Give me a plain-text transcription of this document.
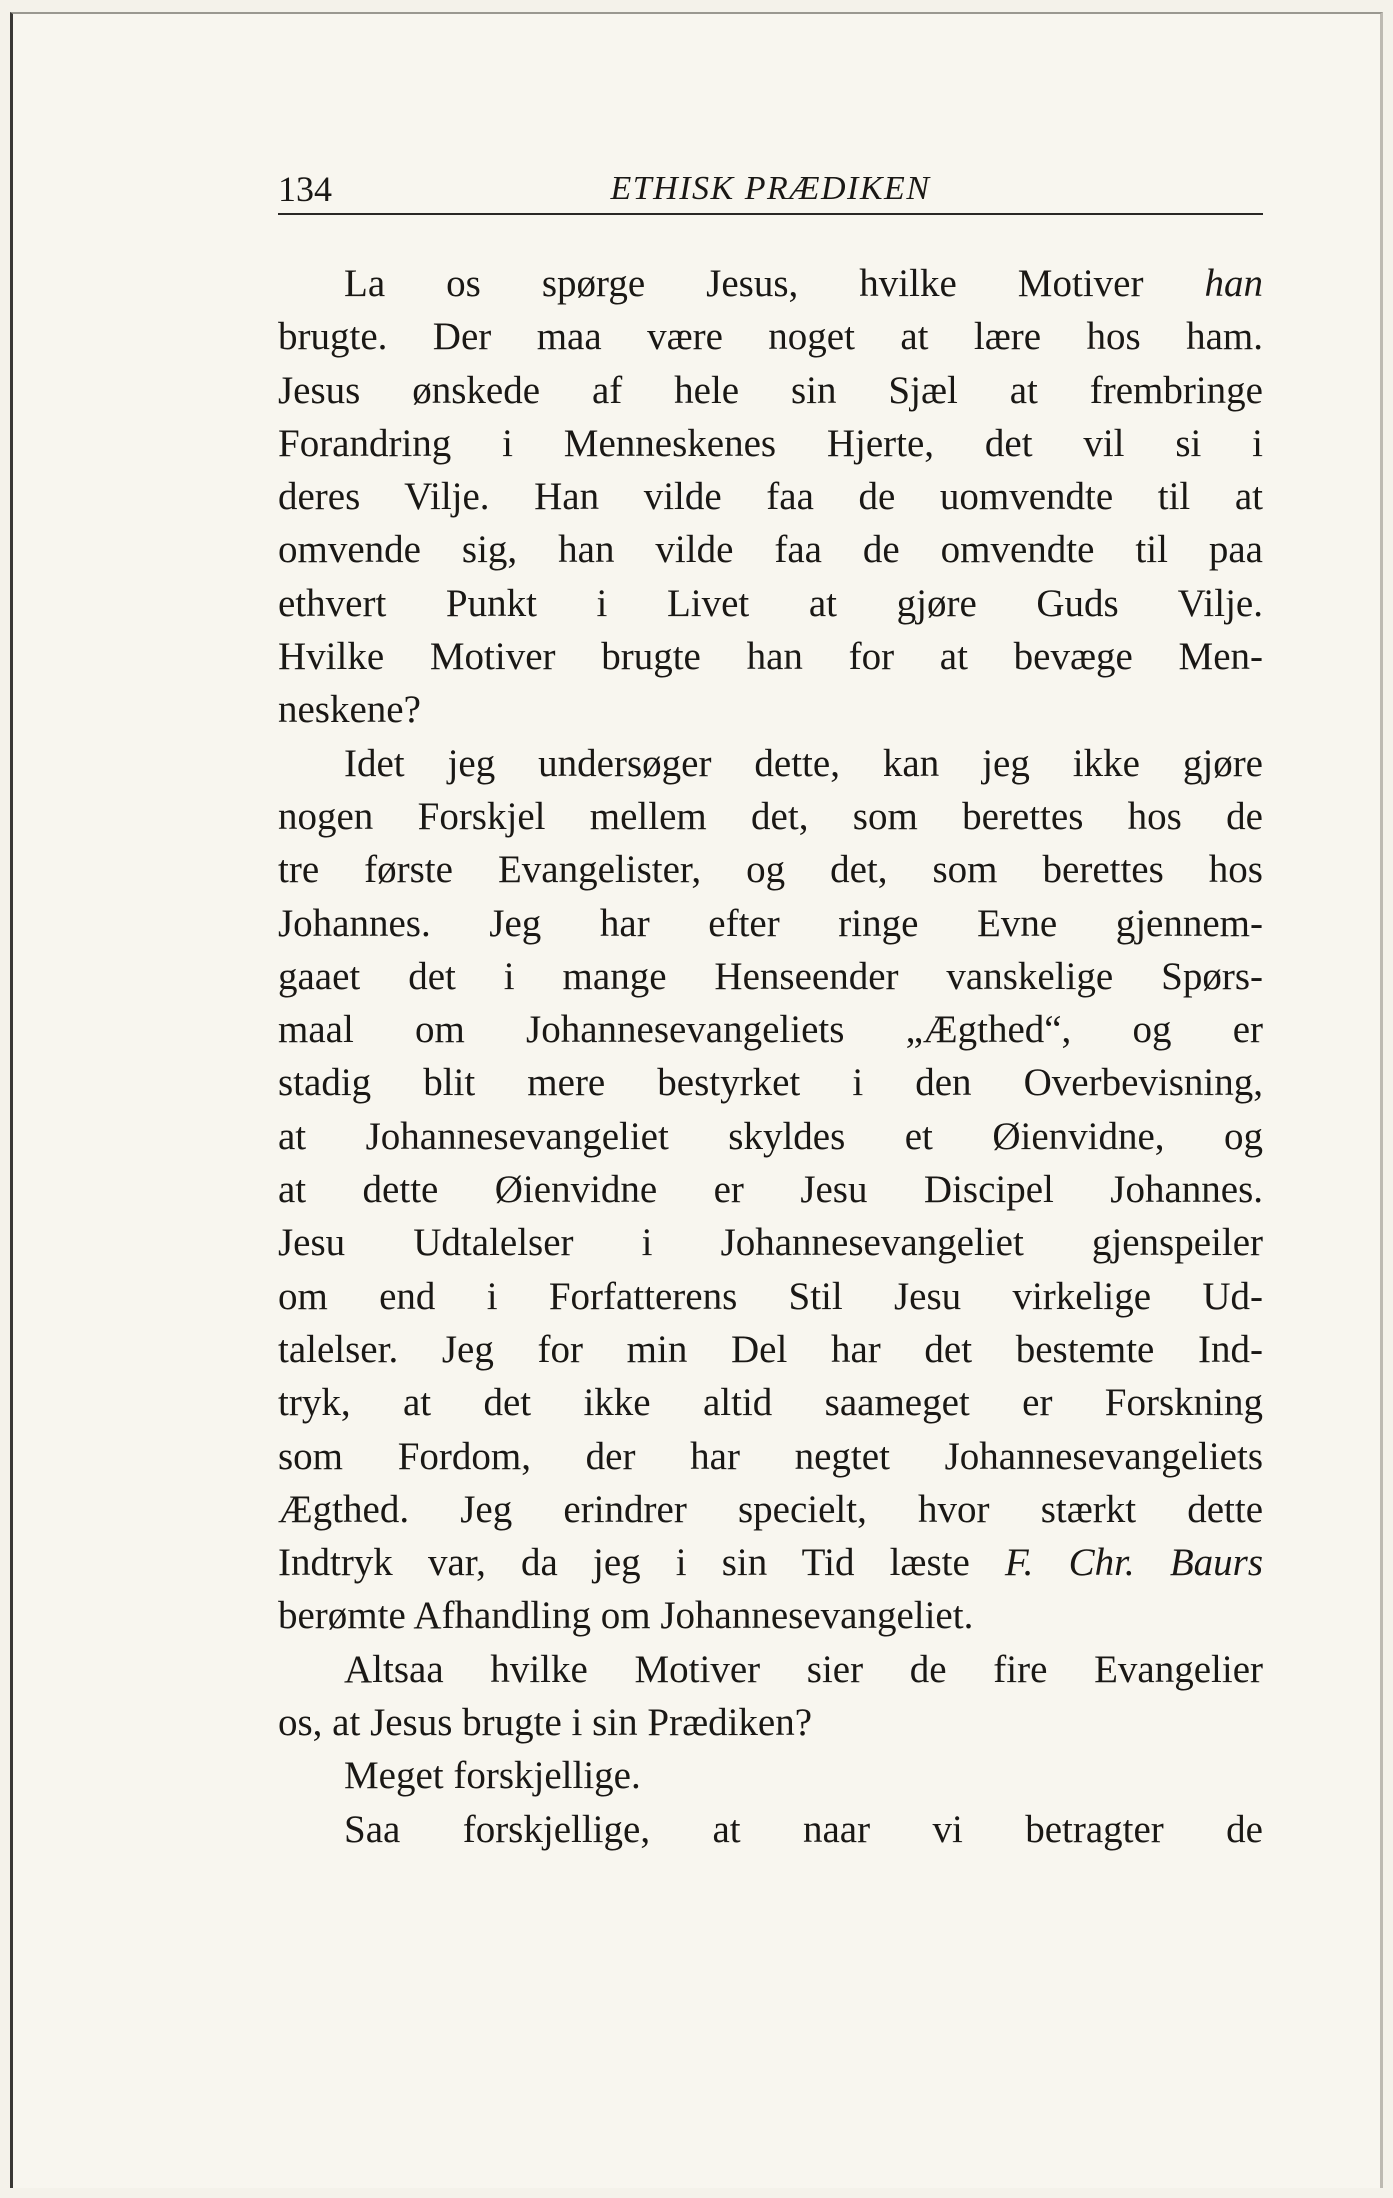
134	ETHISK PRÆDIKEN
La os spørge Jesus, hvilke Motiver han
brugte. Der maa være noget at lære hos ham.
Jesus ønskede af hele sin Sjæl at frembringe
Forandring i Menneskenes Hjerte, det vil si i
deres Vilje. Han vilde faa de uomvendte til at
omvende sig, han vilde faa de omvendte til paa
ethvert Punkt i Livet at gjøre Guds Vilje.
Hvilke Motiver brugte han for at bevæge Men-
neskene?
Idet jeg undersøger dette, kan jeg ikke gjøre
nogen Forskjel mellem det, som berettes hos de
tre første Evangelister, og det, som berettes hos
Johannes. Jeg har efter ringe Evne gjennem-
gaaet det i mange Henseender vanskelige Spørs-
maal om Johannesevangeliets „Ægthed“, og er
stadig blit mere bestyrket i den Overbevisning,
at Johannesevangeliet skyldes et Øienvidne, og
at dette Øienvidne er Jesu Discipel Johannes.
Jesu Udtalelser i Johannesevangeliet gjenspeiler
om end i Forfatterens Stil Jesu virkelige Ud-
talelser. Jeg for min Del har det bestemte Ind-
tryk, at det ikke altid saameget er Forskning
som Fordom, der har negtet Johannesevangeliets
Ægthed. Jeg erindrer specielt, hvor stærkt dette
Indtryk var, da jeg i sin Tid læste F. Chr. Baurs
berømte Afhandling om Johannesevangeliet.
Altsaa hvilke Motiver sier de fire Evangelier
os, at Jesus brugte i sin Prædiken?
Meget forskjellige.
Saa forskjellige, at naar vi betragter de
